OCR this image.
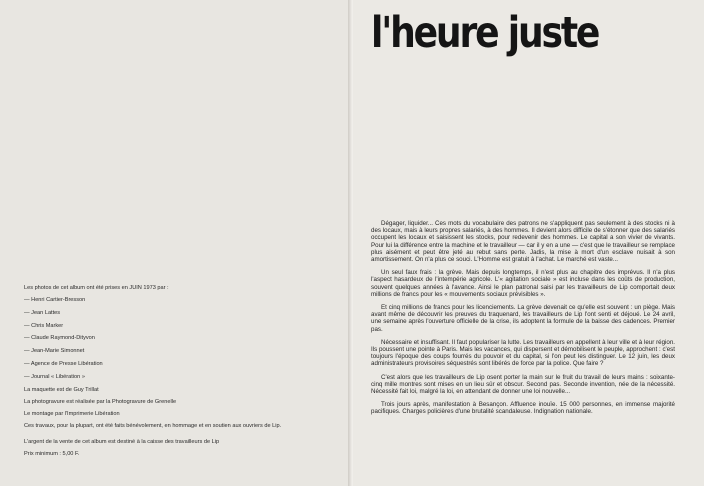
Les photos de cet album ont été prises en JUIN 1973 par :
— Henri Cartier-Bresson
— Jean Lattes
— Chris Marker
— Claude Raymond-Dityvon
— Jean-Marie Simonnet
— Agence de Presse Libération
— Journal « Libération »
La maquette est de Guy Trillat
La photogravure est réalisée par la Photogravure de Grenelle
Le montage par l'Imprimerie Libération
Ces travaux, pour la plupart, ont été faits bénévolement, en hommage et en soutien aux ouvriers de Lip.
L'argent de la vente de cet album est destiné à la caisse des travailleurs de Lip
Prix minimum : 5,00 F.
l'heure juste

Dégager, liquider... Ces mots du vocabulaire des patrons ne s'appliquent pas seulement à des stocks ni à des locaux, mais à leurs propres salariés, à des hommes. Il devient alors difficile de s'étonner que des salariés occupent les locaux et saisissent les stocks, pour redevenir des hommes. Le capital a son vivier de vivants. Pour lui la différence entre la machine et le travailleur — car il y en a une — c'est que le travailleur se remplace plus aisément et peut être jeté au rebut sans perte. Jadis, la mise à mort d'un esclave nuisait à son amortissement. On n'a plus ce souci. L'Homme est gratuit à l'achat. Le marché est vaste...

Un seul faux frais : la grève. Mais depuis longtemps, il n'est plus au chapitre des imprévus. Il n'a plus l'aspect hasardeux de l'intempérie agricole. L'« agitation sociale » est incluse dans les coûts de production, souvent quelques années à l'avance. Ainsi le plan patronal saisi par les travailleurs de Lip comportait deux millions de francs pour les « mouvements sociaux prévisibles ».

Et cinq millions de francs pour les licenciements. La grève devenait ce qu'elle est souvent : un piège. Mais avant même de découvrir les preuves du traquenard, les travailleurs de Lip l'ont senti et déjoué. Le 24 avril, une semaine après l'ouverture officielle de la crise, ils adoptent la formule de la baisse des cadences. Premier pas.

Nécessaire et insuffisant. Il faut populariser la lutte. Les travailleurs en appellent à leur ville et à leur région. Ils poussent une pointe à Paris. Mais les vacances, qui dispersent et démobilisent le peuple, approchent : c'est toujours l'époque des coups fourrés du pouvoir et du capital, si l'on peut les distinguer. Le 12 juin, les deux administrateurs provisoires séquestrés sont libérés de force par la police. Que faire ?

C'est alors que les travailleurs de Lip osent porter la main sur le fruit du travail de leurs mains : soixante-cinq mille montres sont mises en un lieu sûr et obscur. Second pas. Seconde invention, née de la nécessité. Nécessité fait loi, malgré la loi, en attendant de donner une loi nouvelle...

Trois jours après, manifestation à Besançon. Affluence inouïe. 15 000 personnes, en immense majorité pacifiques. Charges policières d'une brutalité scandaleuse. Indignation nationale.
